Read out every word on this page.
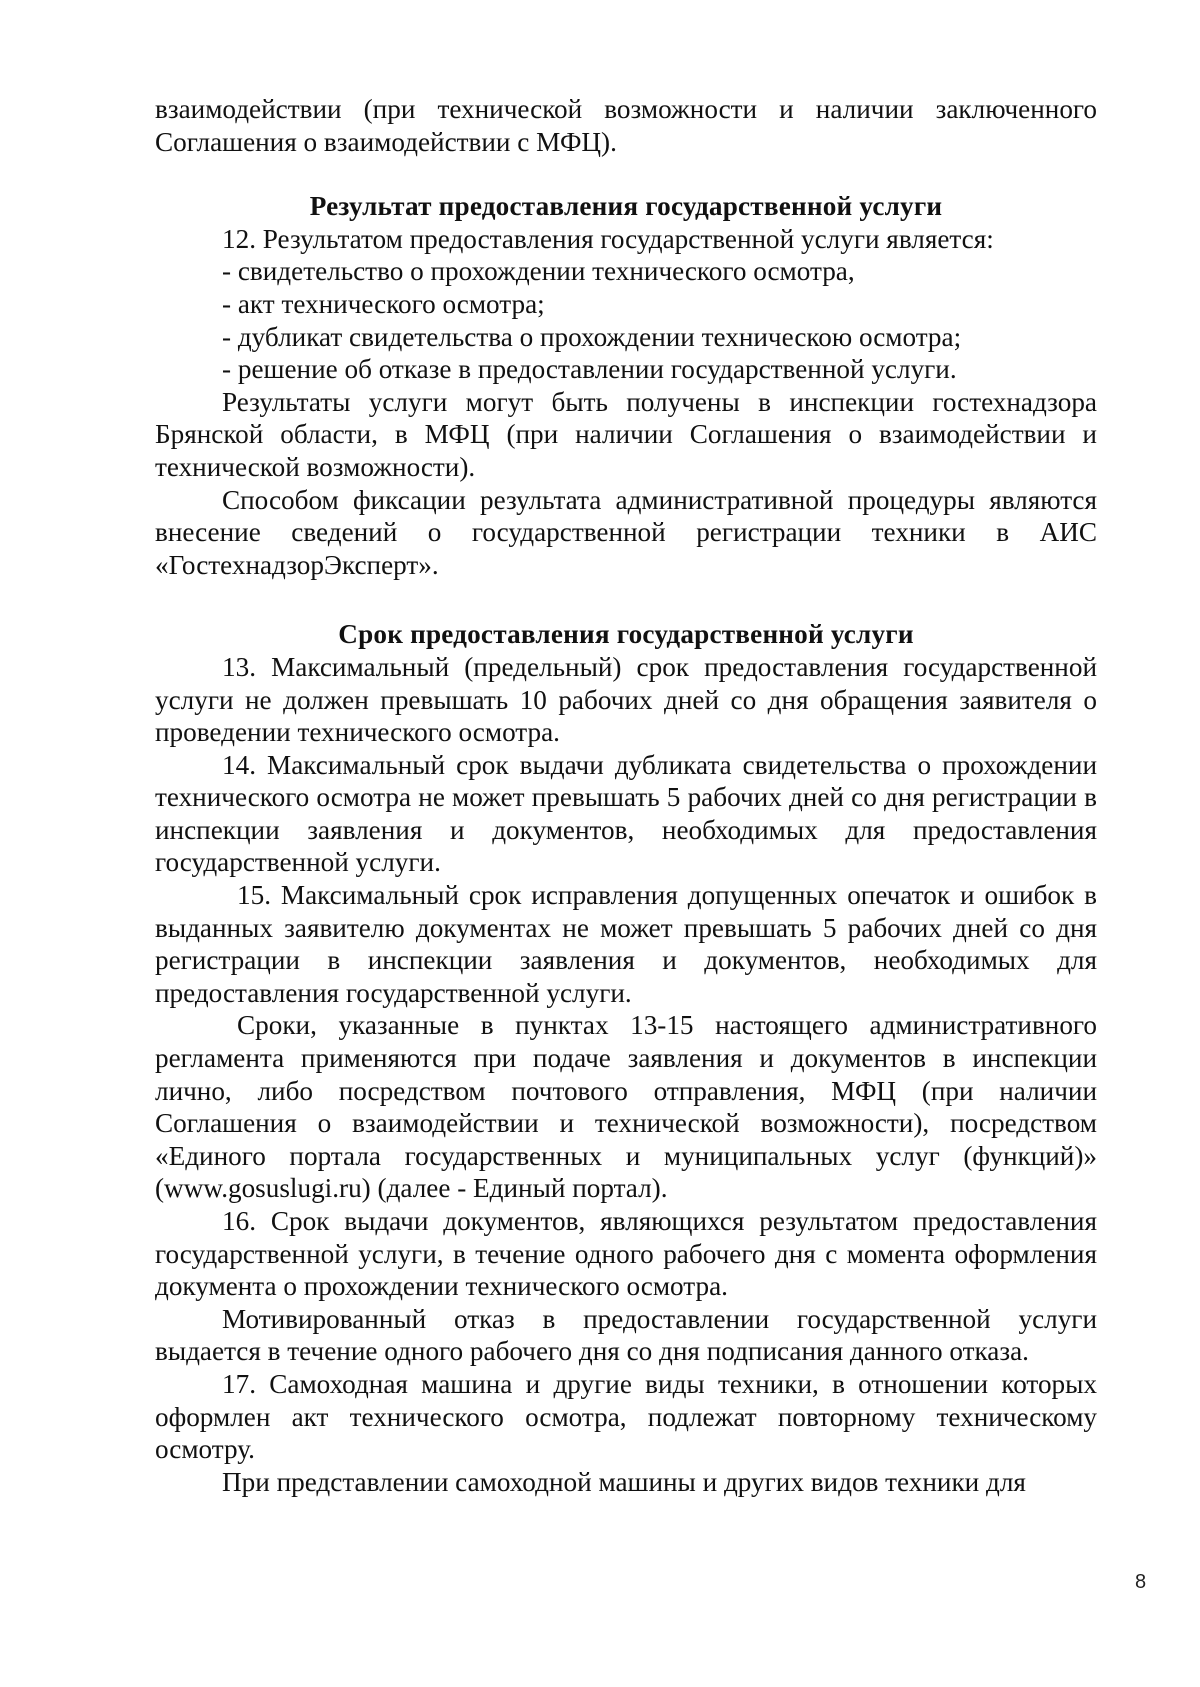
взаимодействии (при технической возможности и наличии заключенного Соглашения о взаимодействии с МФЦ).

Результат предоставления государственной услуги

12. Результатом предоставления государственной услуги является:

- свидетельство о прохождении технического осмотра,

- акт технического осмотра;

- дубликат свидетельства о прохождении техническою осмотра;

- решение об отказе в предоставлении государственной услуги.

Результаты услуги могут быть получены в инспекции гостехнадзора Брянской области, в МФЦ (при наличии Соглашения о взаимодействии и технической возможности).

Способом фиксации результата административной процедуры являются внесение сведений о государственной регистрации техники в АИС «ГостехнадзорЭксперт».

Срок предоставления государственной услуги

13. Максимальный (предельный) срок предоставления государственной услуги не должен превышать 10 рабочих дней со дня обращения заявителя о проведении технического осмотра.

14. Максимальный срок выдачи дубликата свидетельства о прохождении технического осмотра не может превышать 5 рабочих дней со дня регистрации в инспекции заявления и документов, необходимых для предоставления государственной услуги.

15. Максимальный срок исправления допущенных опечаток и ошибок в выданных заявителю документах не может превышать 5 рабочих дней со дня регистрации в инспекции заявления и документов, необходимых для предоставления государственной услуги.

Сроки, указанные в пунктах 13-15 настоящего административного регламента применяются при подаче заявления и документов в инспекции лично, либо посредством почтового отправления, МФЦ (при наличии Соглашения о взаимодействии и технической возможности), посредством «Единого портала государственных и муниципальных услуг (функций)» (www.gosuslugi.ru) (далее - Единый портал).

16. Срок выдачи документов, являющихся результатом предоставления государственной услуги, в течение одного рабочего дня с момента оформления документа о прохождении технического осмотра.

Мотивированный отказ в предоставлении государственной услуги выдается в течение одного рабочего дня со дня подписания данного отказа.

17. Самоходная машина и другие виды техники, в отношении которых оформлен акт технического осмотра, подлежат повторному техническому осмотру.

При представлении самоходной машины и других видов техники для

8
